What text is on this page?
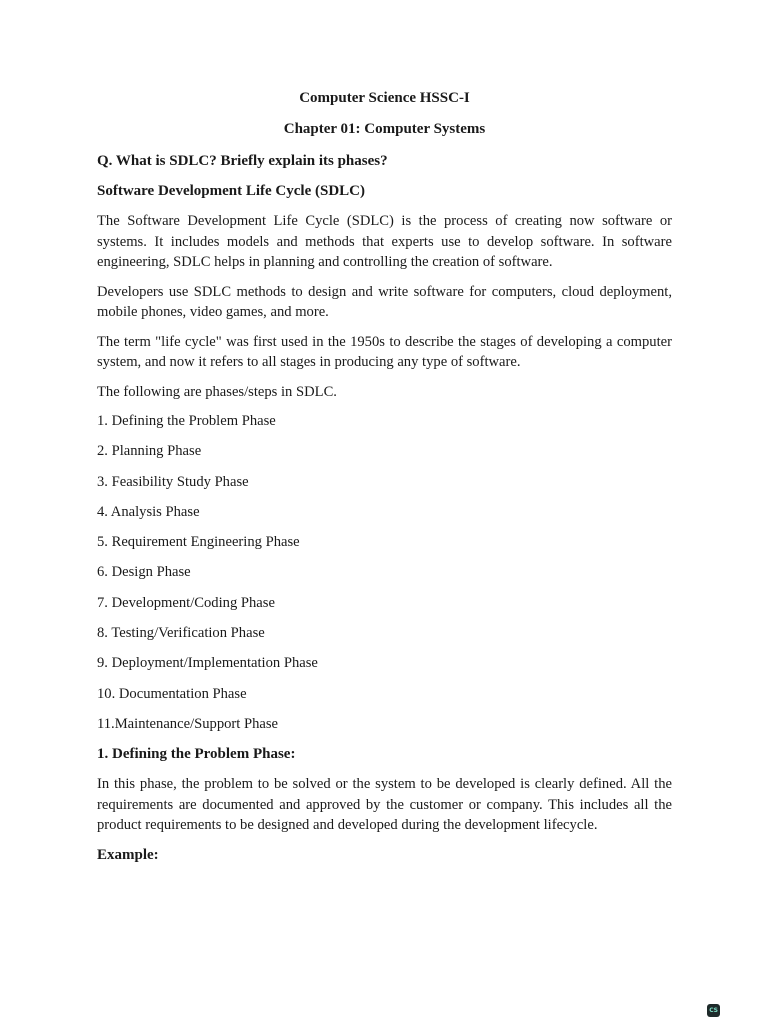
Computer Science HSSC-I

Chapter 01: Computer Systems

Q. What is SDLC? Briefly explain its phases?

Software Development Life Cycle (SDLC)

The Software Development Life Cycle (SDLC) is the process of creating now software or systems. It includes models and methods that experts use to develop software. In software engineering, SDLC helps in planning and controlling the creation of software.

Developers use SDLC methods to design and write software for computers, cloud deployment, mobile phones, video games, and more.

The term "life cycle" was first used in the 1950s to describe the stages of developing a computer system, and now it refers to all stages in producing any type of software.

The following are phases/steps in SDLC.

1. Defining the Problem Phase
2. Planning Phase
3. Feasibility Study Phase
4. Analysis Phase
5. Requirement Engineering Phase
6. Design Phase
7. Development/Coding Phase
8. Testing/Verification Phase
9. Deployment/Implementation Phase
10. Documentation Phase
11.Maintenance/Support Phase

1. Defining the Problem Phase:

In this phase, the problem to be solved or the system to be developed is clearly defined. All the requirements are documented and approved by the customer or company. This includes all the product requirements to be designed and developed during the development lifecycle.

Example:

CS
